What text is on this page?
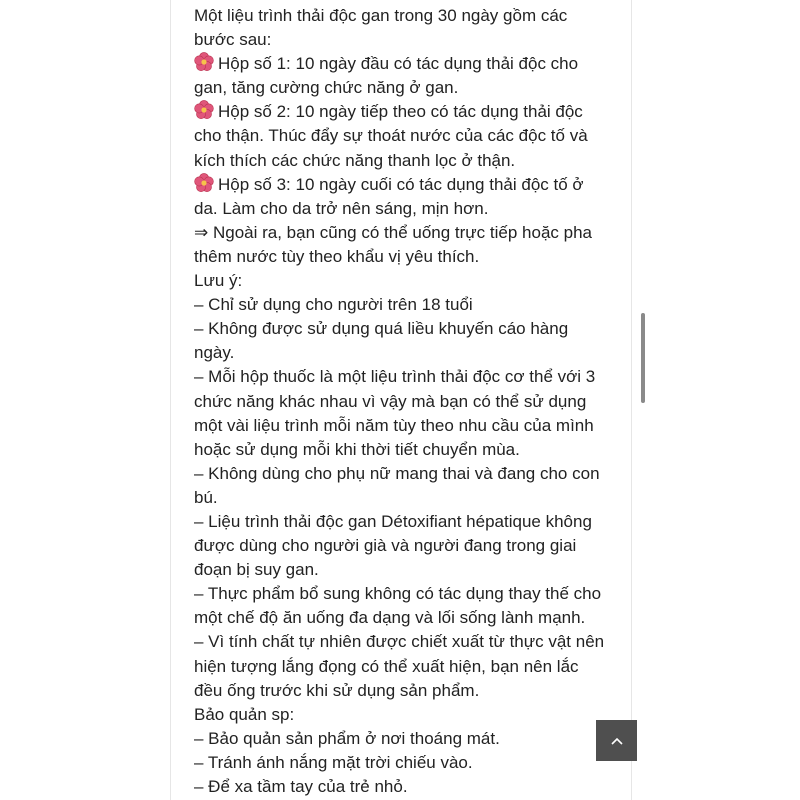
Một liệu trình thải độc gan trong 30 ngày gồm các
bước sau:
Hộp số 1: 10 ngày đầu có tác dụng thải độc cho
gan, tăng cường chức năng ở gan.
Hộp số 2: 10 ngày tiếp theo có tác dụng thải độc
cho thận. Thúc đẩy sự thoát nước của các độc tố và
kích thích các chức năng thanh lọc ở thận.
Hộp số 3: 10 ngày cuối có tác dụng thải độc tố ở
da. Làm cho da trở nên sáng, mịn hơn.
⇒ Ngoài ra, bạn cũng có thể uống trực tiếp hoặc pha
thêm nước tùy theo khẩu vị yêu thích.
Lưu ý:
– Chỉ sử dụng cho người trên 18 tuổi
– Không được sử dụng quá liều khuyến cáo hàng
ngày.
– Mỗi hộp thuốc là một liệu trình thải độc cơ thể với 3
chức năng khác nhau vì vậy mà bạn có thể sử dụng
một vài liệu trình mỗi năm tùy theo nhu cầu của mình
hoặc sử dụng mỗi khi thời tiết chuyển mùa.
– Không dùng cho phụ nữ mang thai và đang cho con
bú.
– Liệu trình thải độc gan Détoxifiant hépatique không
được dùng cho người già và người đang trong giai
đoạn bị suy gan.
– Thực phẩm bổ sung không có tác dụng thay thế cho
một chế độ ăn uống đa dạng và lối sống lành mạnh.
– Vì tính chất tự nhiên được chiết xuất từ thực vật nên
hiện tượng lắng đọng có thể xuất hiện, bạn nên lắc
đều ống trước khi sử dụng sản phẩm.
Bảo quản sp:
– Bảo quản sản phẩm ở nơi thoáng mát.
– Tránh ánh nắng mặt trời chiếu vào.
– Để xa tầm tay của trẻ nhỏ.
